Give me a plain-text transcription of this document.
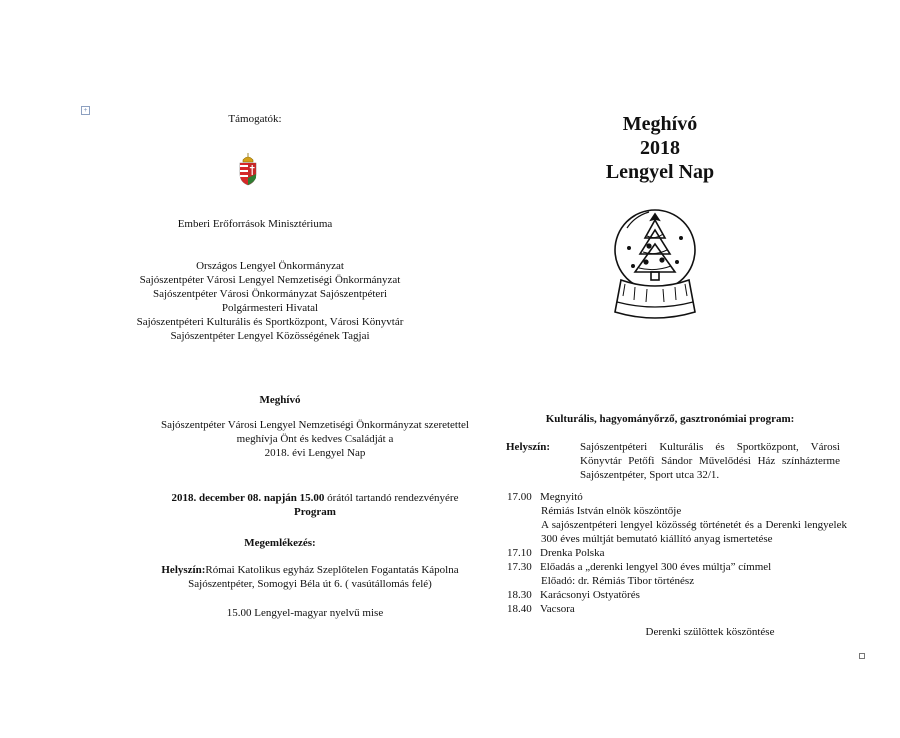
+
Támogatók:
Emberi Erőforrások Minisztériuma
Országos Lengyel Önkormányzat
Sajószentpéter Városi Lengyel Nemzetiségi Önkormányzat
Sajószentpéter Városi Önkormányzat Sajószentpéteri
Polgármesteri Hivatal
Sajószentpéteri Kulturális és Sportközpont, Városi Könyvtár
Sajószentpéter Lengyel Közösségének Tagjai
Meghívó
Sajószentpéter Városi Lengyel Nemzetiségi Önkormányzat szeretettel
meghívja Önt és kedves Családját a
2018. évi Lengyel Nap
2018. december 08. napján 15.00 órától tartandó rendezvényére
Program
Megemlékezés:
Helyszín:Római Katolikus egyház Szeplőtelen Fogantatás Kápolna
Sajószentpéter, Somogyi Béla út 6. ( vasútállomás felé)
15.00 Lengyel-magyar nyelvű mise
Meghívó
2018
Lengyel Nap
Kulturális, hagyományőrző, gasztronómiai program:
Helyszín:	Sajószentpéteri Kulturális és Sportközpont, Városi Könyvtár Petőfi Sándor Művelődési Ház színházterme Sajószentpéter, Sport utca 32/1.
17.00 Megnyitó
Rémiás István elnök köszöntője
A sajószentpéteri lengyel közösség történetét és a Derenki lengyelek 300 éves múltját bemutató kiállító anyag ismertetése
17.10 Drenka Polska
17.30 Előadás a „derenki lengyel 300 éves múltja” címmel
Előadó: dr. Rémiás Tibor történész
18.30 Karácsonyi Ostyatörés
18.40 Vacsora
Derenki szülöttek köszöntése
